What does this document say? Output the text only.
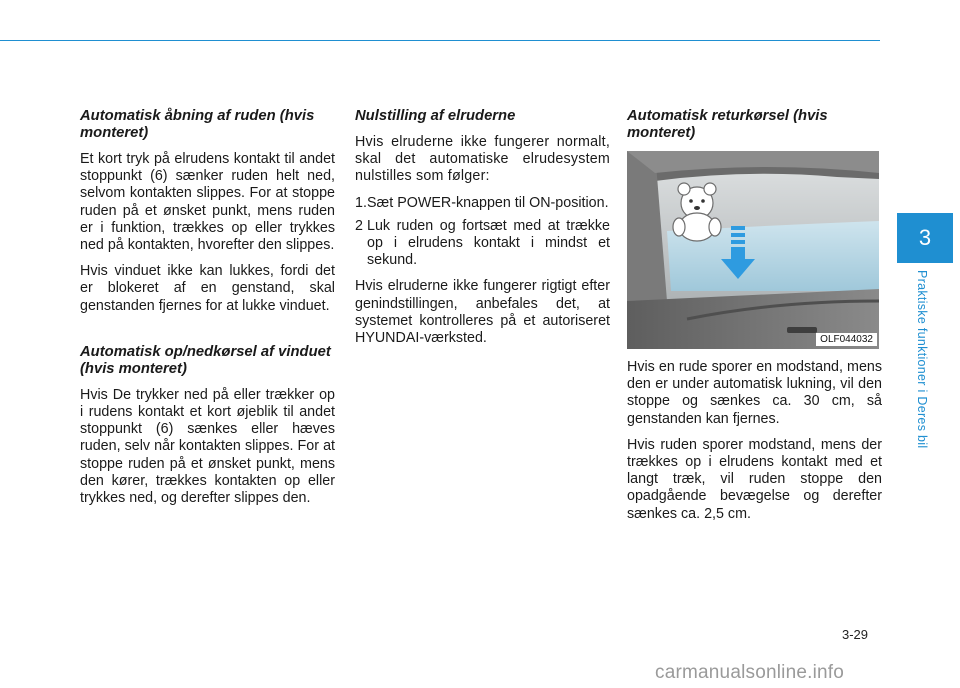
3
Praktiske funktioner i Deres bil
Automatisk åbning af ruden (hvis monteret)

Et kort tryk på elrudens kontakt til andet stoppunkt (6) sænker ruden helt ned, selvom kontakten slippes. For at stoppe ruden på et ønsket punkt, mens ruden er i funktion, trækkes op eller trykkes ned på kontakten, hvorefter den slippes.

Hvis vinduet ikke kan lukkes, fordi det er blokeret af en genstand, skal genstanden fjernes for at lukke vinduet.

Automatisk op/nedkørsel af vinduet (hvis monteret)

Hvis De trykker ned på eller trækker op i rudens kontakt et kort øjeblik til andet stoppunkt (6) sænkes eller hæves ruden, selv når kontakten slippes. For at stoppe ruden på et ønsket punkt, mens den kører, trækkes kontakten op eller trykkes ned, og derefter slippes den.

Nulstilling af elruderne

Hvis elruderne ikke fungerer normalt, skal det automatiske elrudesystem nulstilles som følger:

1. Sæt POWER-knappen til ON-position.
2 Luk ruden og fortsæt med at trække op i elrudens kontakt i mindst et sekund.

Hvis elruderne ikke fungerer rigtigt efter genindstillingen, anbefales det, at systemet kontrolleres på et autoriseret HYUNDAI-værksted.

Automatisk returkørsel (hvis monteret)
OLF044032

Hvis en rude sporer en modstand, mens den er under automatisk lukning, vil den stoppe og sænkes ca. 30 cm, så genstanden kan fjernes.

Hvis ruden sporer modstand, mens der trækkes op i elrudens kontakt med et langt træk, vil ruden stoppe den opadgående bevægelse og derefter sænkes ca. 2,5 cm.

3-29
carmanualsonline.info
